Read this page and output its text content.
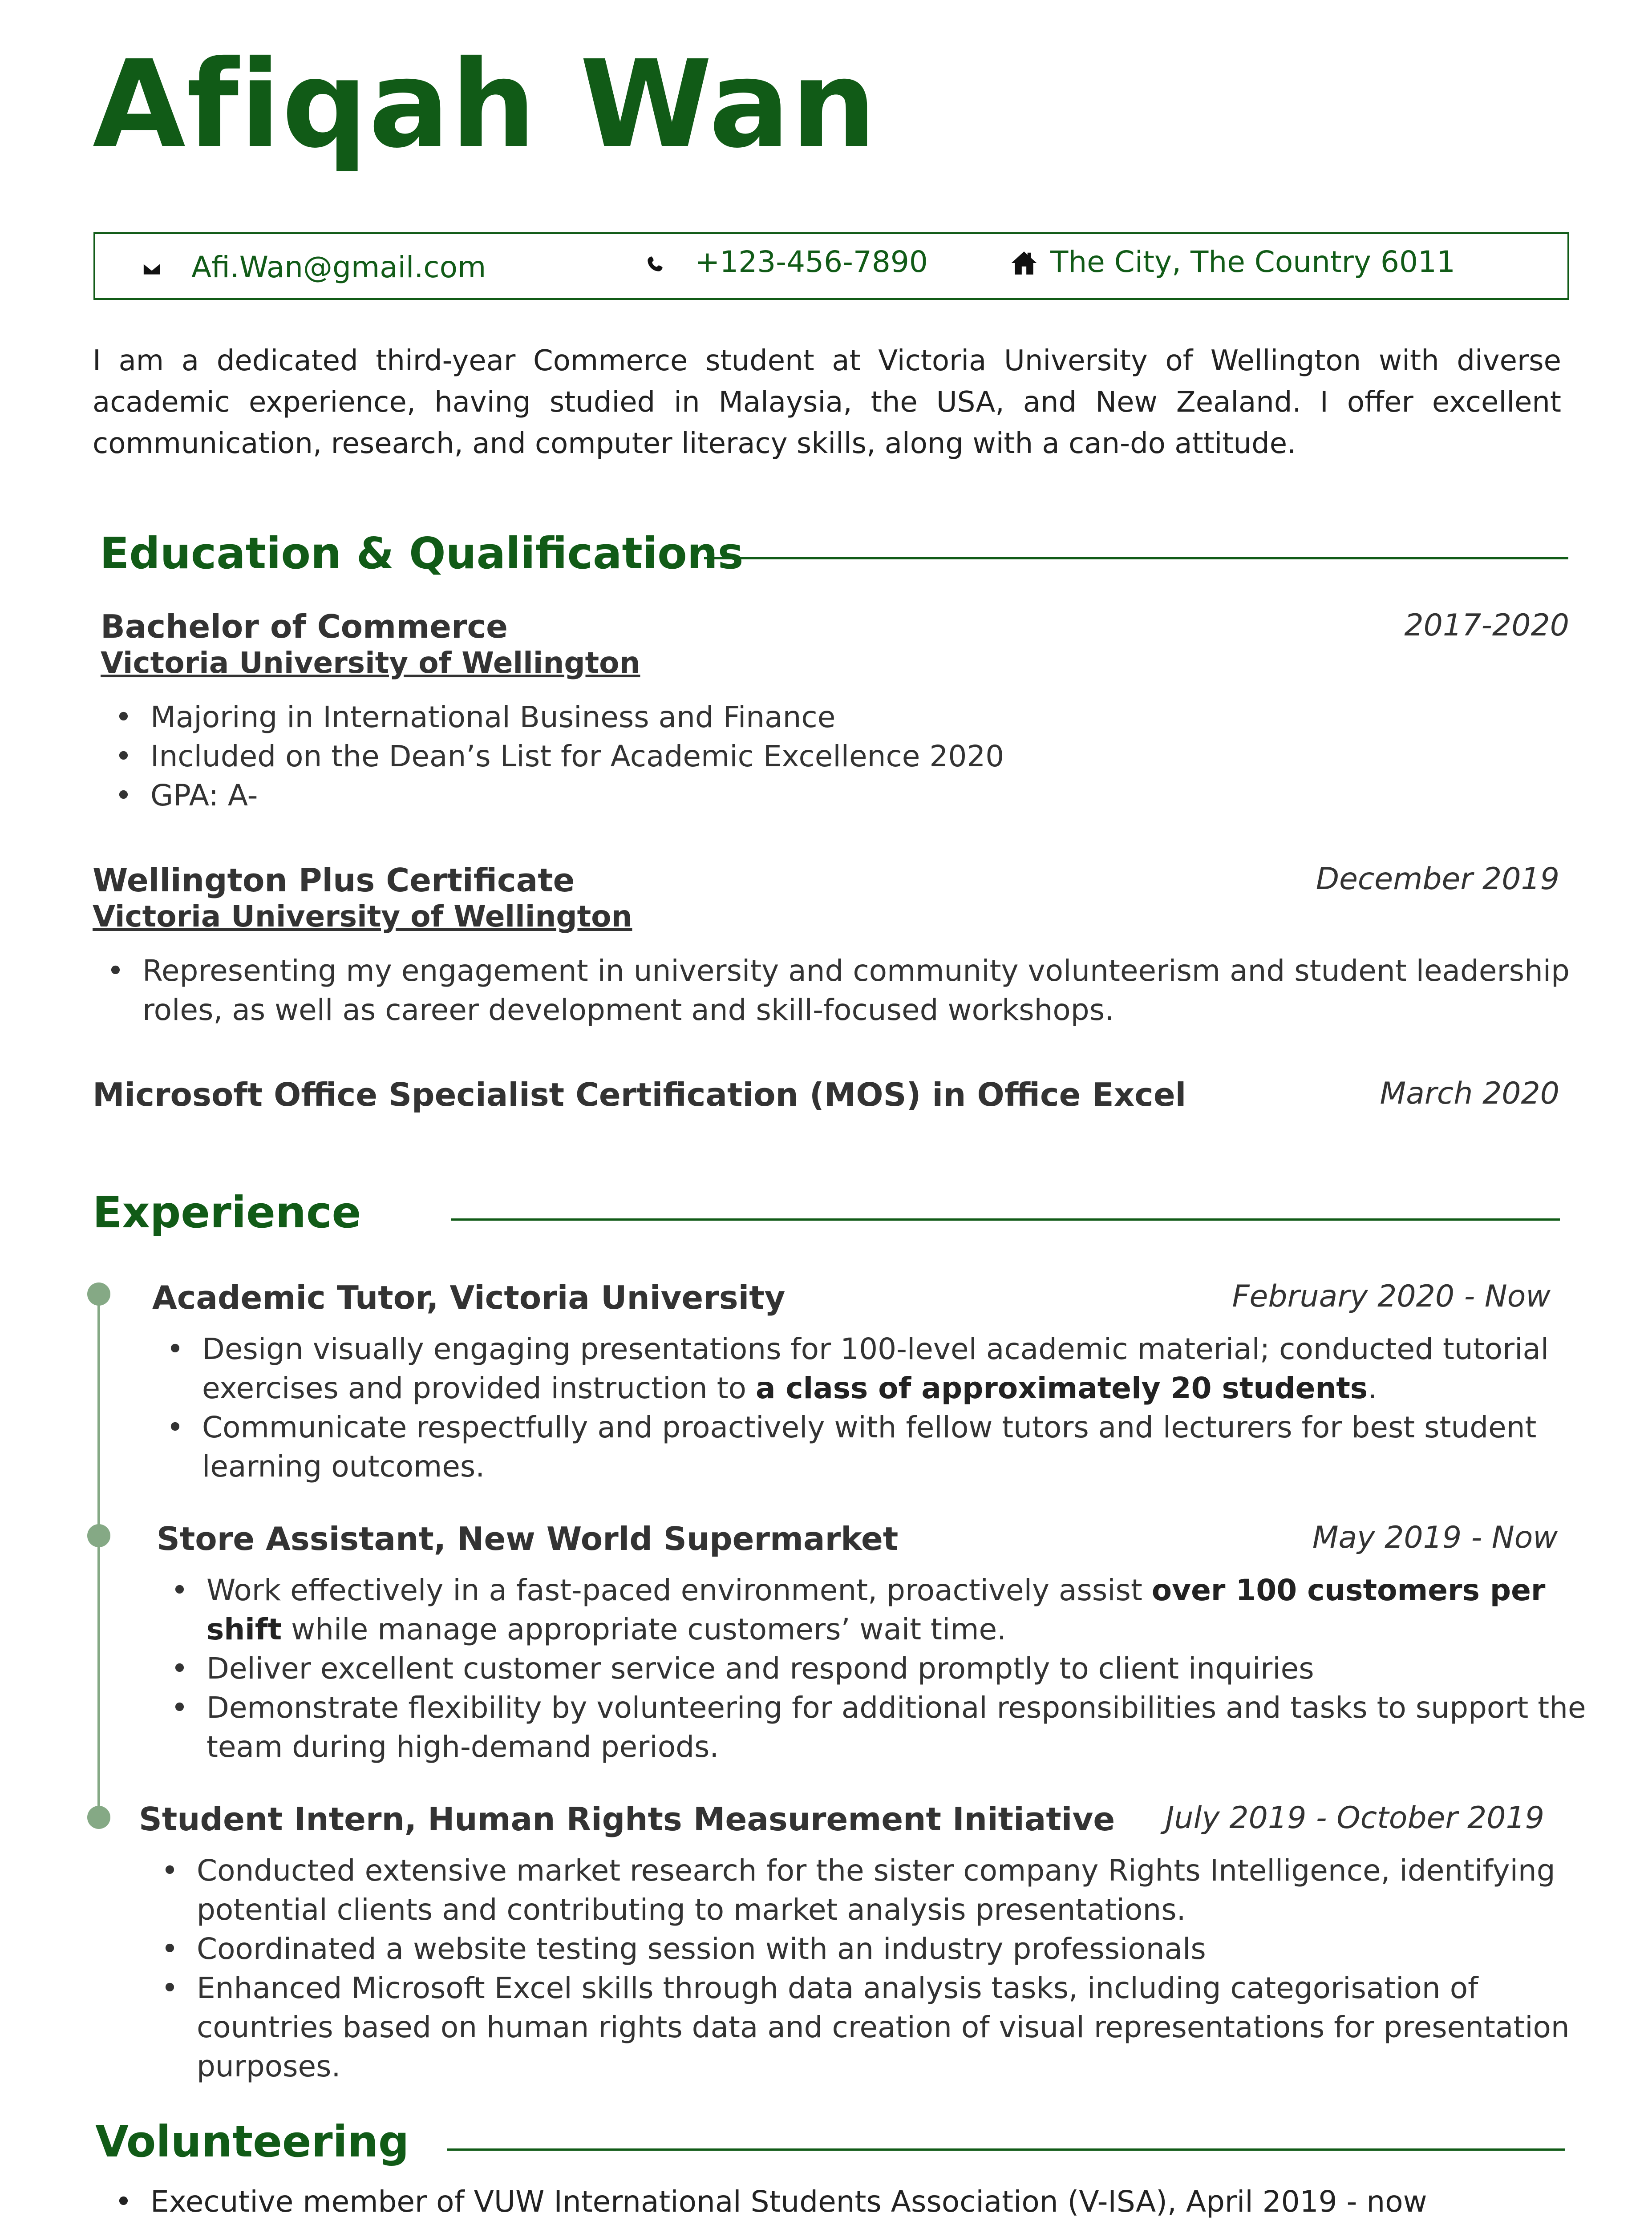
Afiqah Wan
Afi.Wan@gmail.com	+123-456-7890	The City, The Country 6011

I am a dedicated third-year Commerce student at Victoria University of Wellington with diverse academic experience, having studied in Malaysia, the USA, and New Zealand. I offer excellent communication, research, and computer literacy skills, along with a can-do attitude.

Education & Qualifications
Bachelor of Commerce	2017-2020
Victoria University of Wellington
• Majoring in International Business and Finance
• Included on the Dean’s List for Academic Excellence 2020
• GPA: A-
Wellington Plus Certificate	December 2019
Victoria University of Wellington
• Representing my engagement in university and community volunteerism and student leadership roles, as well as career development and skill-focused workshops.
Microsoft Office Specialist Certification (MOS) in Office Excel	March 2020
Experience
Academic Tutor, Victoria University	February 2020 - Now
• Design visually engaging presentations for 100-level academic material; conducted tutorial exercises and provided instruction to a class of approximately 20 students.
• Communicate respectfully and proactively with fellow tutors and lecturers for best student learning outcomes.
Store Assistant, New World Supermarket	May 2019 - Now
• Work effectively in a fast-paced environment, proactively assist over 100 customers per shift while manage appropriate customers’ wait time.
• Deliver excellent customer service and respond promptly to client inquiries
• Demonstrate flexibility by volunteering for additional responsibilities and tasks to support the team during high-demand periods.
Student Intern, Human Rights Measurement Initiative July 2019 - October 2019
• Conducted extensive market research for the sister company Rights Intelligence, identifying potential clients and contributing to market analysis presentations.
• Coordinated a website testing session with an industry professionals
• Enhanced Microsoft Excel skills through data analysis tasks, including categorisation of countries based on human rights data and creation of visual representations for presentation purposes.
Volunteering
• Executive member of VUW International Students Association (V-ISA), April 2019 - now
•
